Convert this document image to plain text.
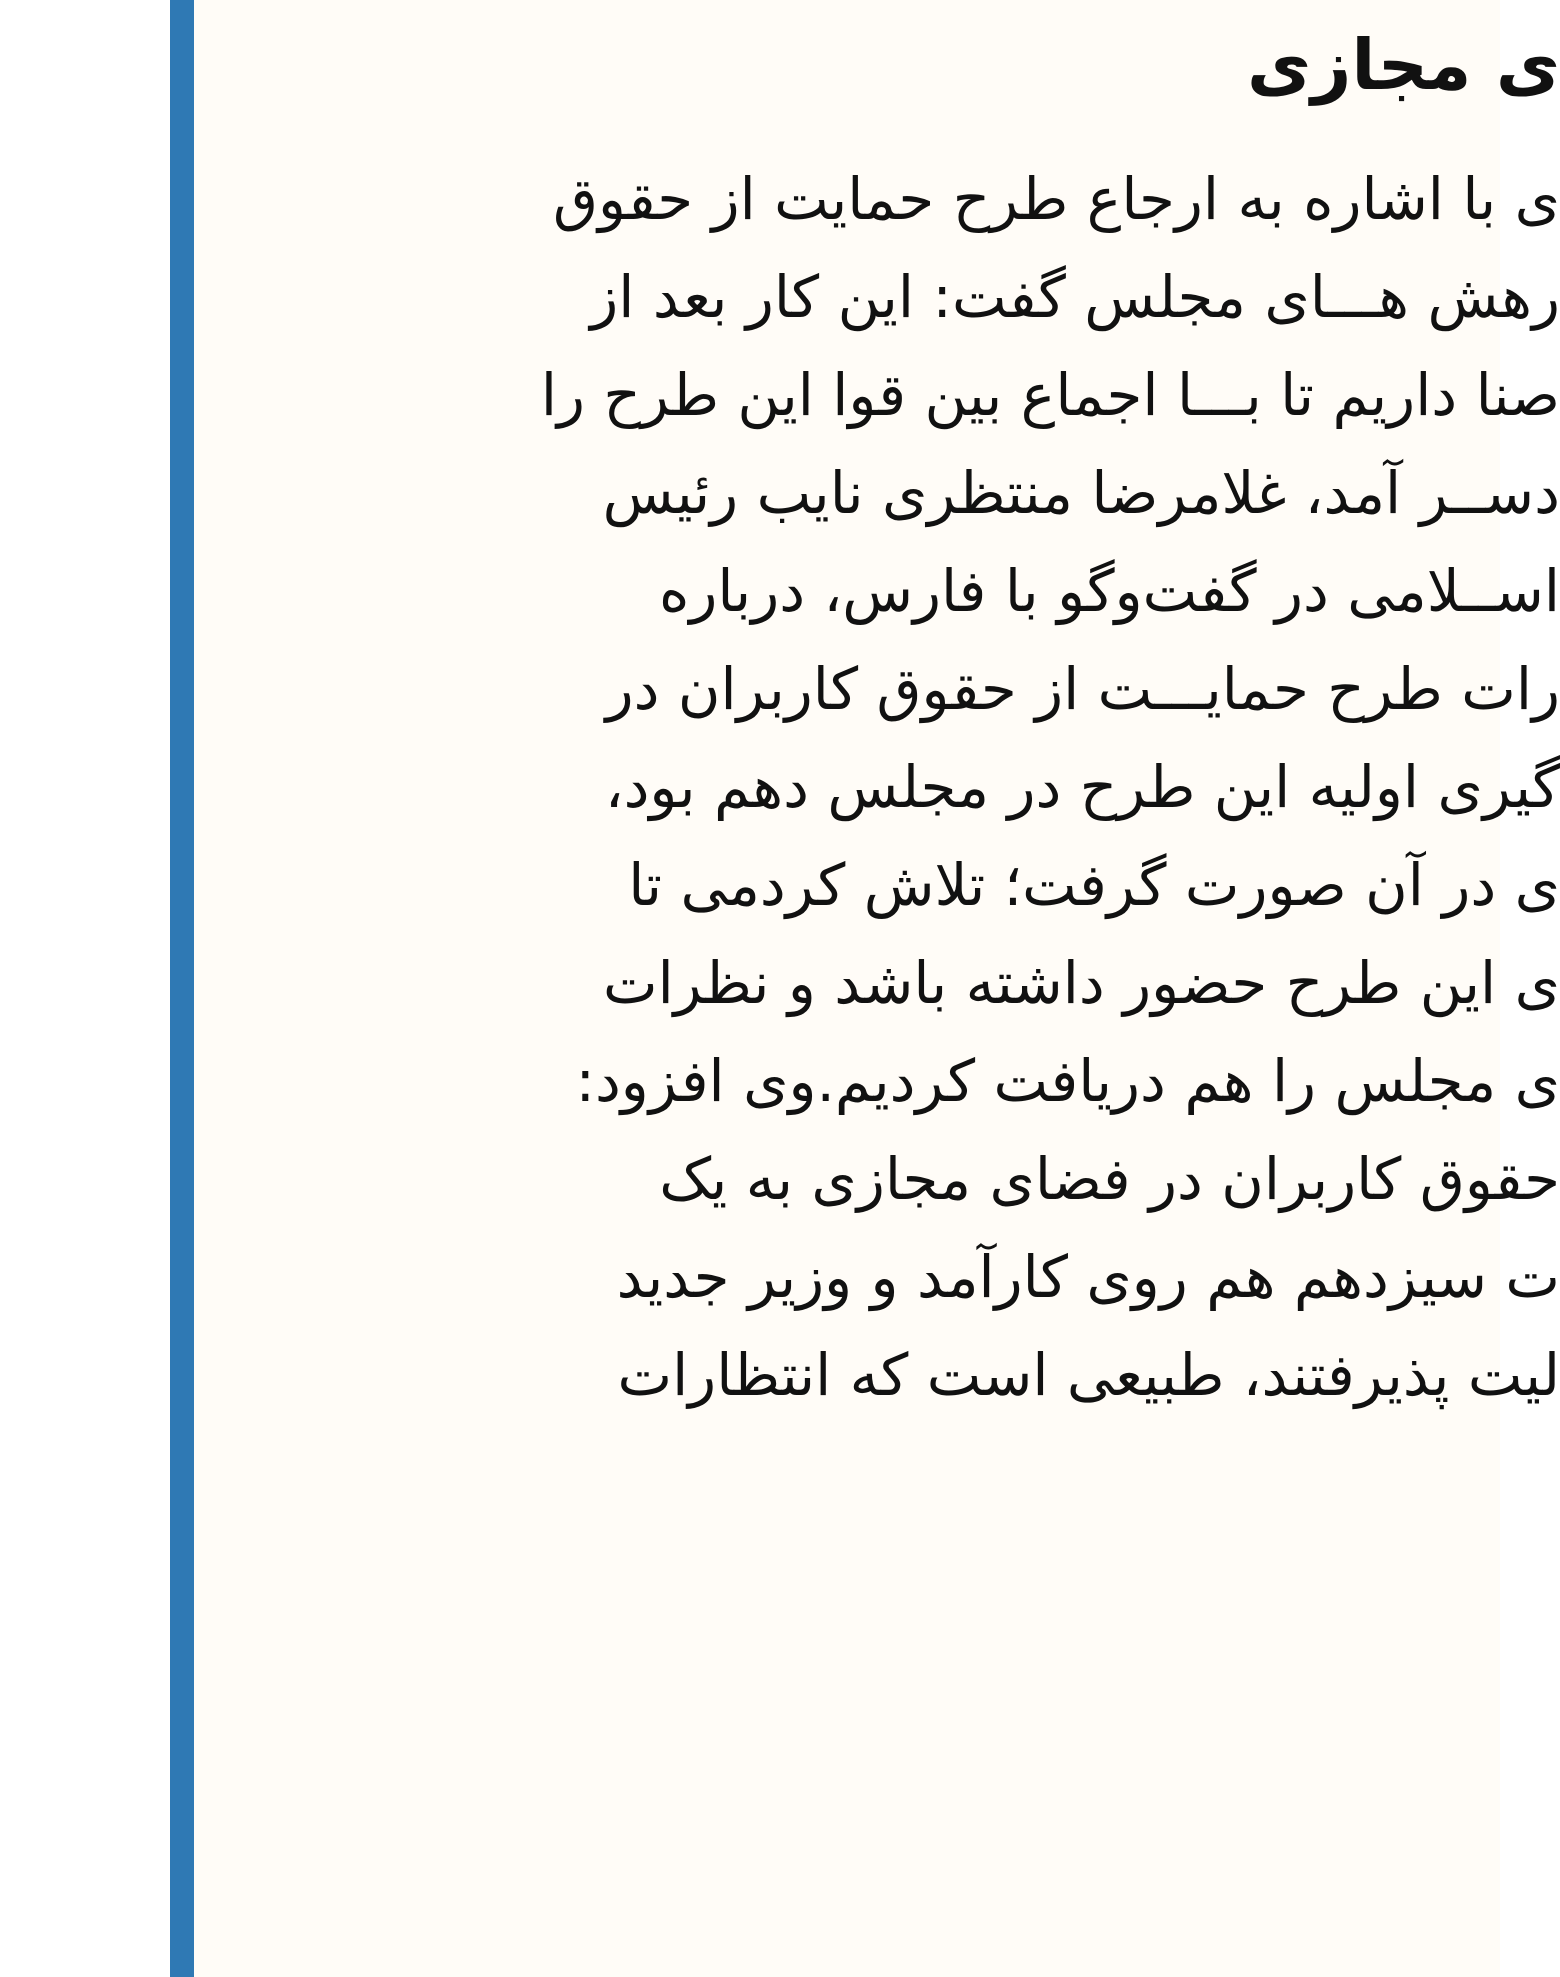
ی مجازی
ی با اشاره به ارجاع طرح حمایت از حقوق
رهش هـــای مجلس گفت: این کار بعد از
صنا داریم تا بـــا اجماع بین قوا این طرح را
دســر آمد، غلامرضا منتظری نایب رئیس
اســلامی در گفت‌وگو با فارس، درباره
رات طرح حمایـــت از حقوق کاربران در
گیری اولیه این طرح در مجلس دهم بود،
ی در آن صورت گرفت؛ تلاش کردمی تا
ی این طرح حضور داشته باشد و نظرات
ی مجلس را هم دریافت کردیم.وی افزود:
حقوق کاربران در فضای مجازی به یک
ت سیزدهم هم روی کارآمد و وزیر جدید
لیت پذیرفتند، طبیعی است که انتظارات
